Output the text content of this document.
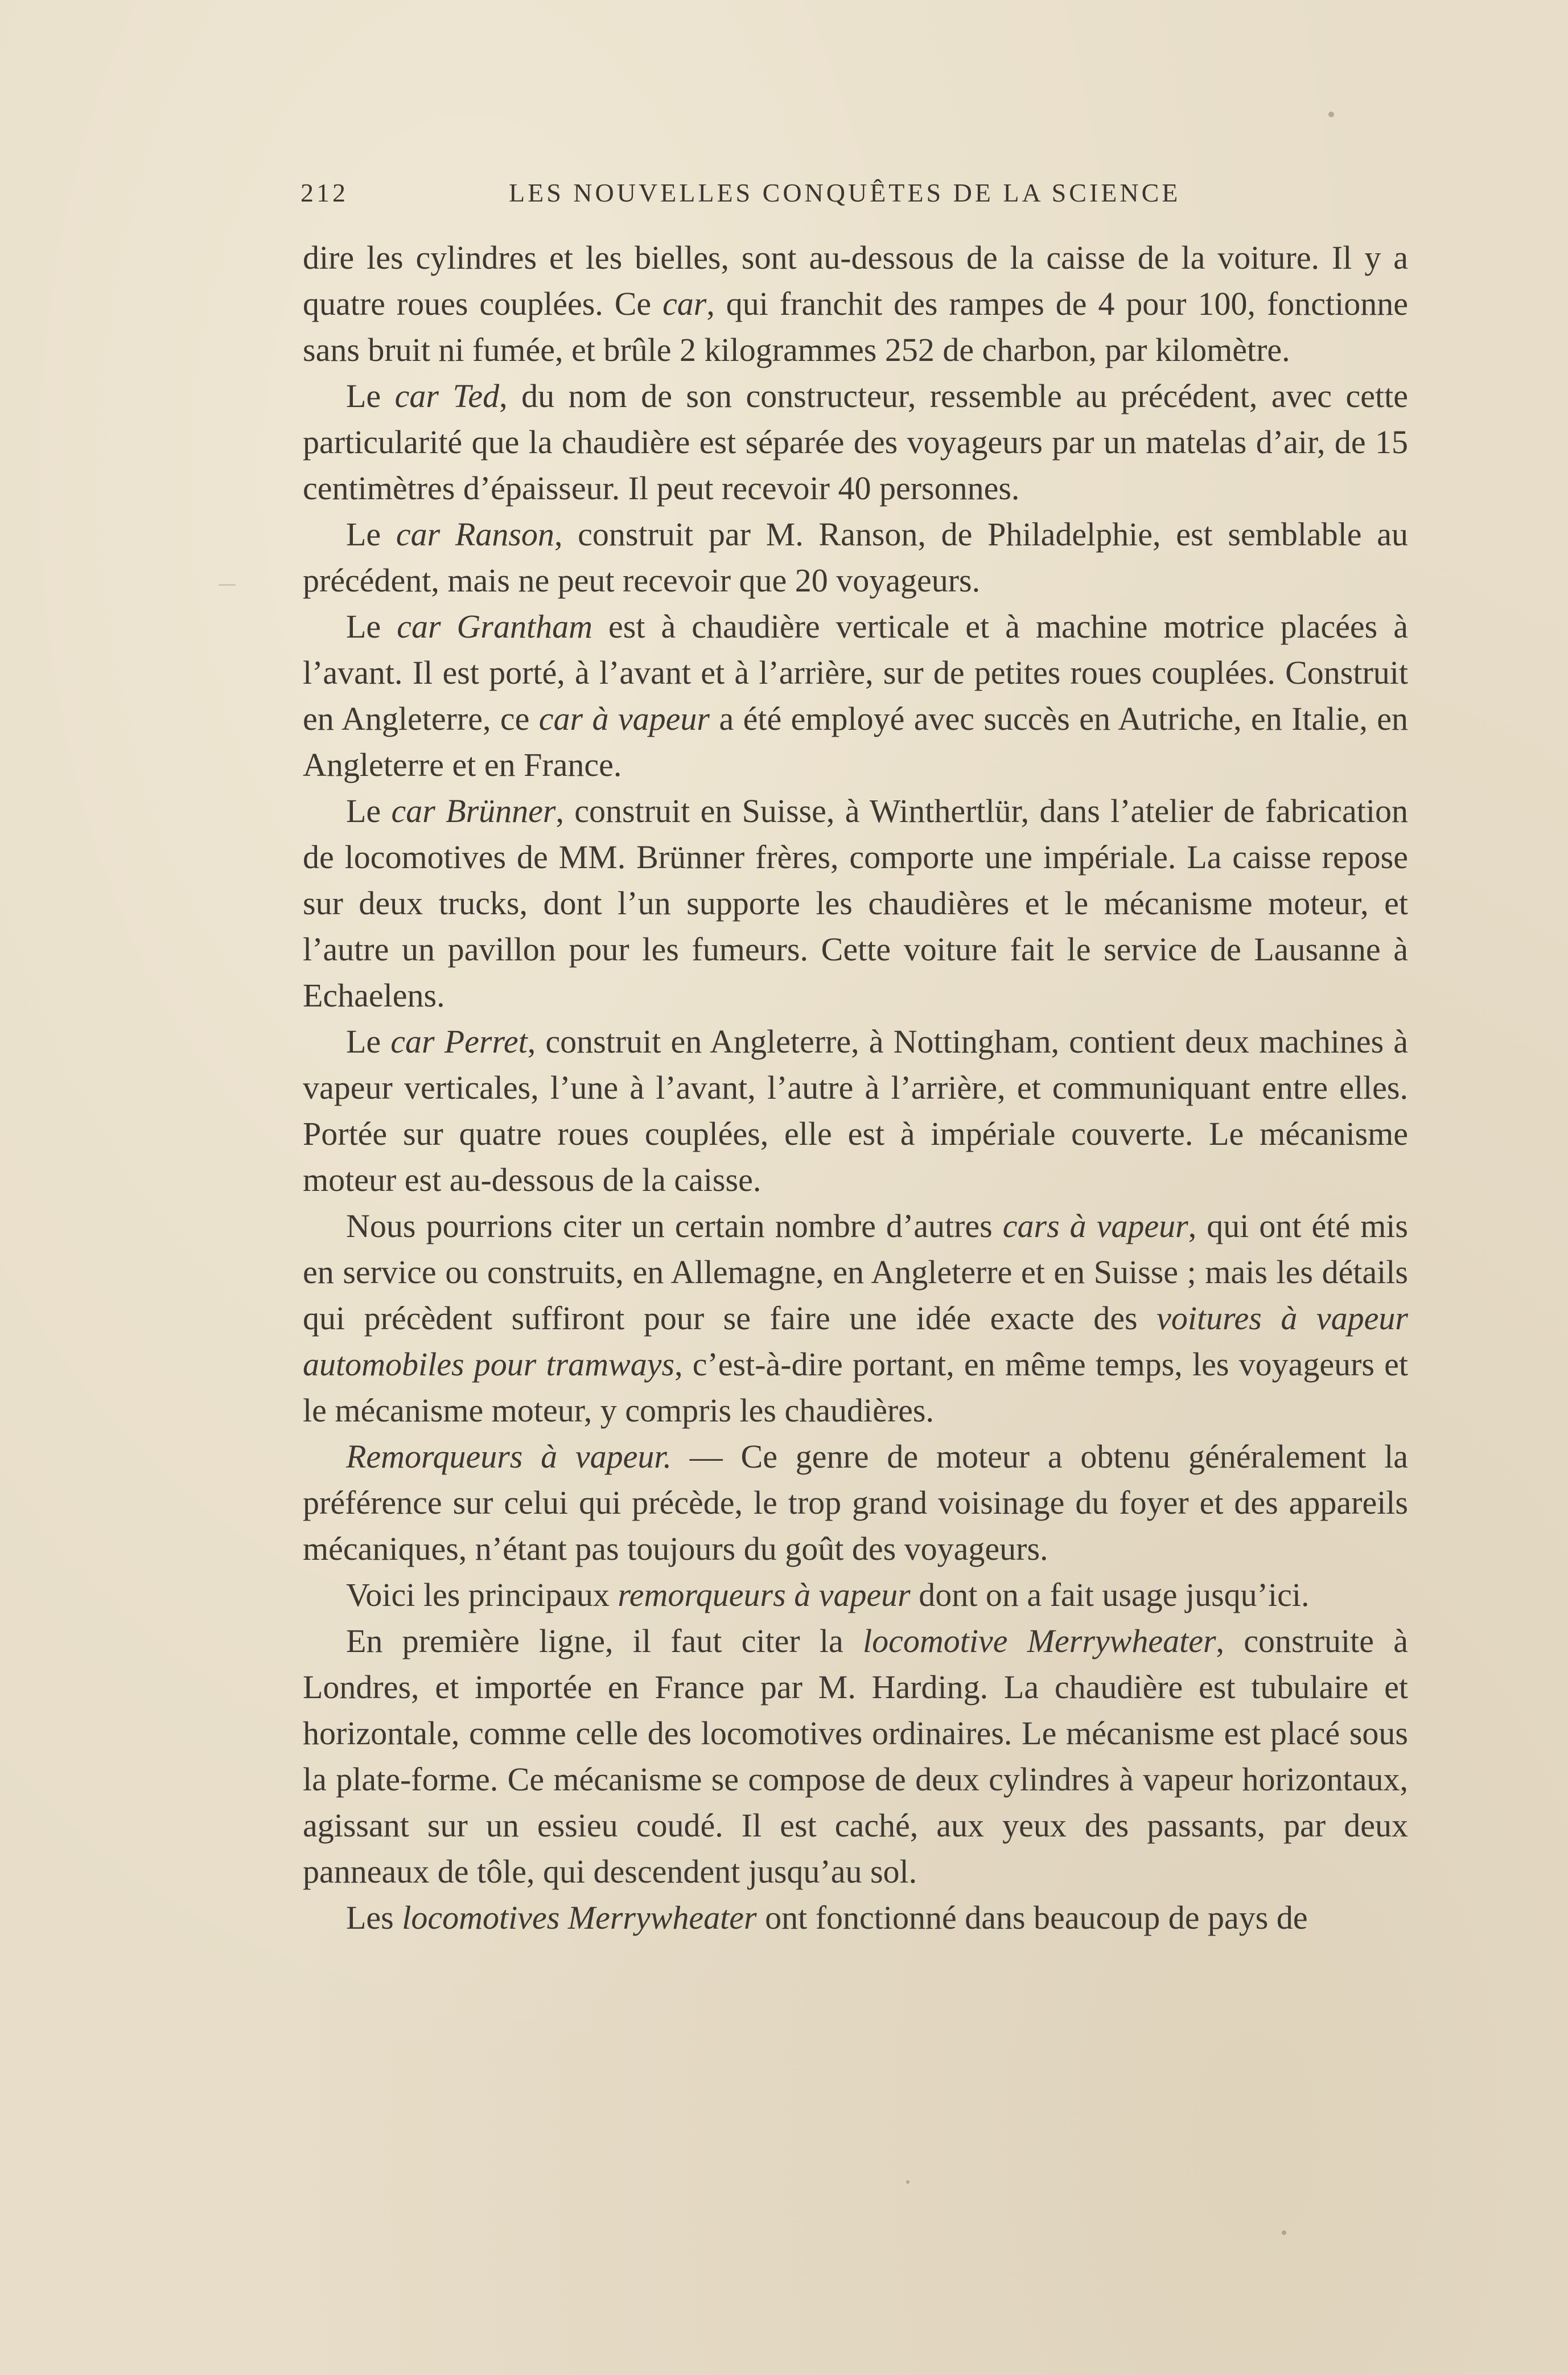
212	LES NOUVELLES CONQUÊTES DE LA SCIENCE

dire les cylindres et les bielles, sont au-dessous de la caisse de la voiture. Il y a quatre roues couplées. Ce car, qui franchit des rampes de 4 pour 100, fonctionne sans bruit ni fumée, et brûle 2 kilogrammes 252 de charbon, par kilomètre.

Le car Ted, du nom de son constructeur, ressemble au précédent, avec cette particularité que la chaudière est séparée des voyageurs par un matelas d’air, de 15 centimètres d’épaisseur. Il peut recevoir 40 personnes.

Le car Ranson, construit par M. Ranson, de Philadelphie, est semblable au précédent, mais ne peut recevoir que 20 voyageurs.

Le car Grantham est à chaudière verticale et à machine motrice placées à l’avant. Il est porté, à l’avant et à l’arrière, sur de petites roues couplées. Construit en Angleterre, ce car à vapeur a été employé avec succès en Autriche, en Italie, en Angleterre et en France.

Le car Brünner, construit en Suisse, à Winthertlür, dans l’atelier de fabrication de locomotives de MM. Brünner frères, comporte une impériale. La caisse repose sur deux trucks, dont l’un supporte les chaudières et le mécanisme moteur, et l’autre un pavillon pour les fumeurs. Cette voiture fait le service de Lausanne à Echaelens.

Le car Perret, construit en Angleterre, à Nottingham, contient deux machines à vapeur verticales, l’une à l’avant, l’autre à l’arrière, et communiquant entre elles. Portée sur quatre roues couplées, elle est à impériale couverte. Le mécanisme moteur est au-dessous de la caisse.

Nous pourrions citer un certain nombre d’autres cars à vapeur, qui ont été mis en service ou construits, en Allemagne, en Angleterre et en Suisse ; mais les détails qui précèdent suffiront pour se faire une idée exacte des voitures à vapeur automobiles pour tramways, c’est-à-dire portant, en même temps, les voyageurs et le mécanisme moteur, y compris les chaudières.

Remorqueurs à vapeur. — Ce genre de moteur a obtenu généralement la préférence sur celui qui précède, le trop grand voisinage du foyer et des appareils mécaniques, n’étant pas toujours du goût des voyageurs.

Voici les principaux remorqueurs à vapeur dont on a fait usage jusqu’ici.

En première ligne, il faut citer la locomotive Merrywheater, construite à Londres, et importée en France par M. Harding. La chaudière est tubulaire et horizontale, comme celle des locomotives ordinaires. Le mécanisme est placé sous la plate-forme. Ce mécanisme se compose de deux cylindres à vapeur horizontaux, agissant sur un essieu coudé. Il est caché, aux yeux des passants, par deux panneaux de tôle, qui descendent jusqu’au sol.

Les locomotives Merrywheater ont fonctionné dans beaucoup de pays de
